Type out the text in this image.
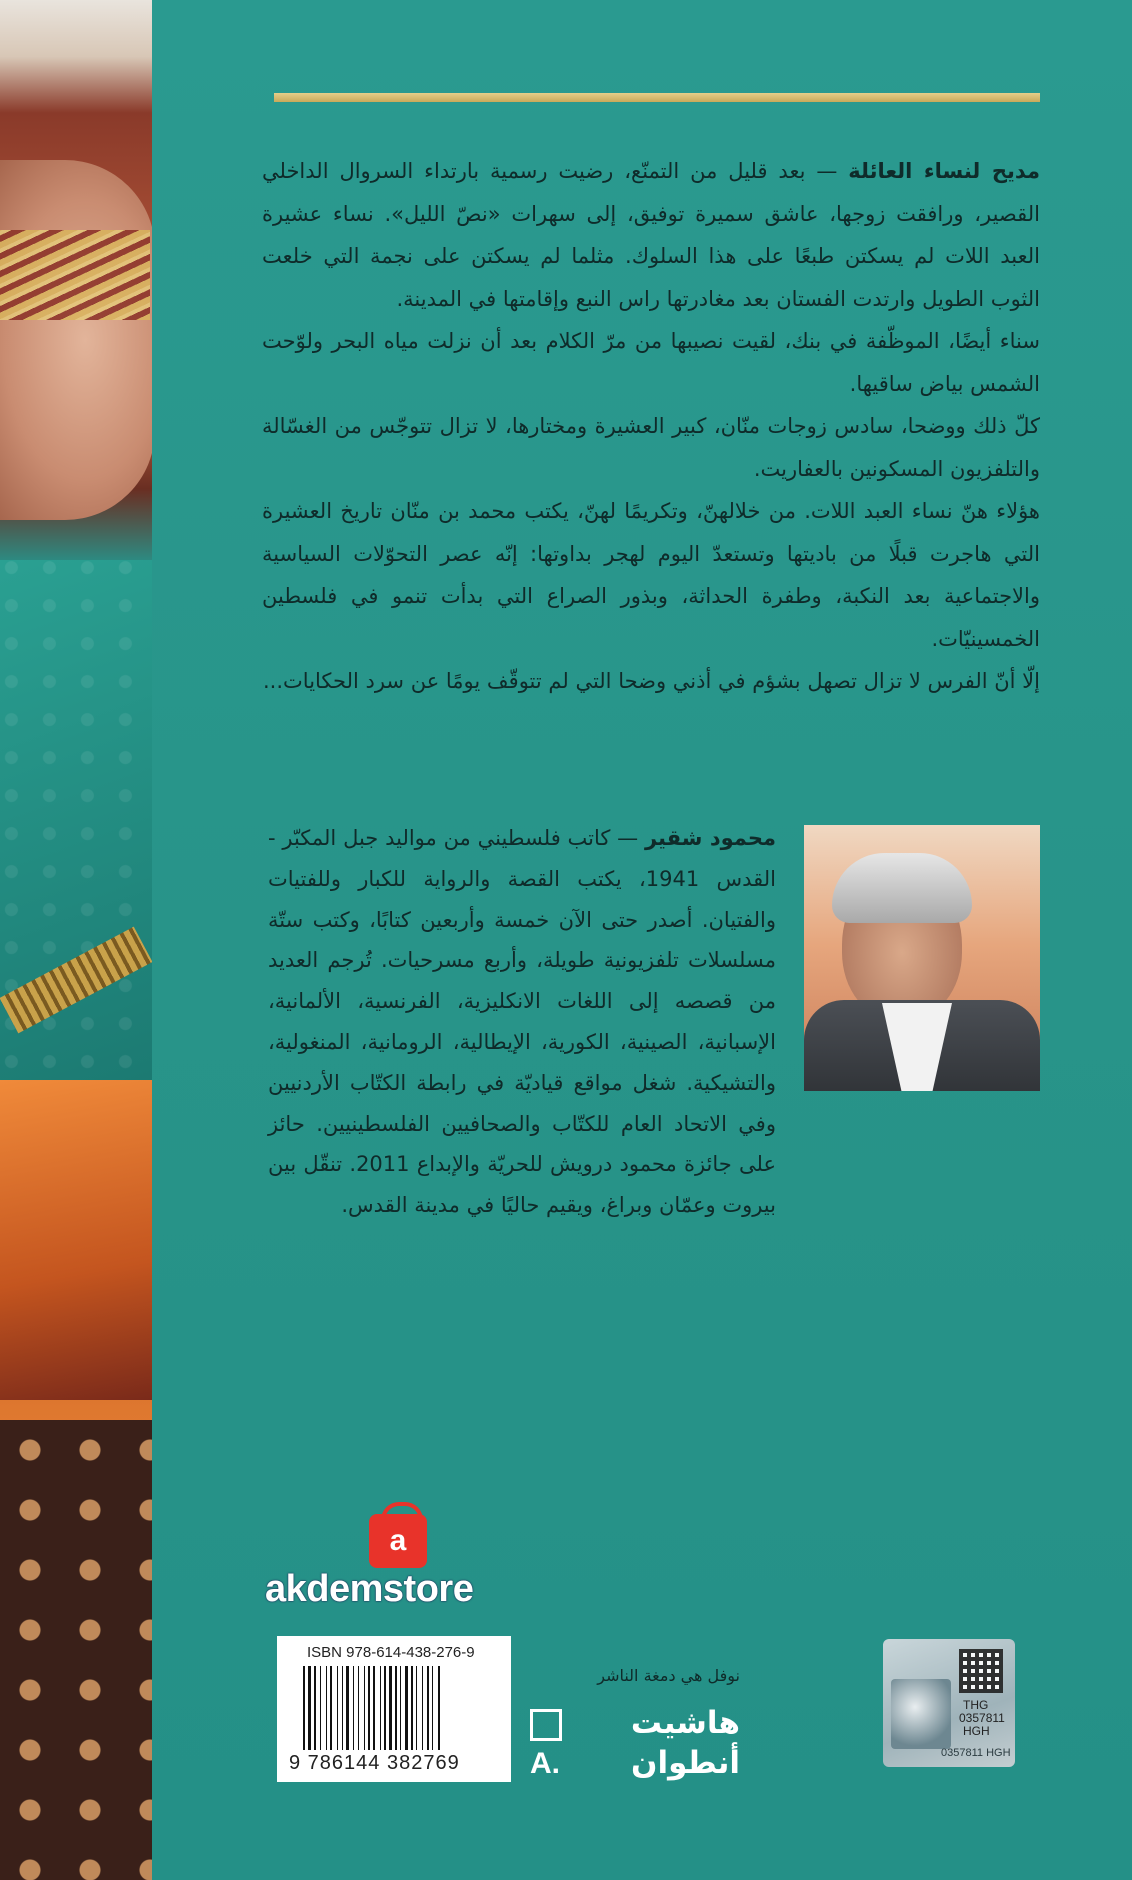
مديح لنساء العائلة — بعد قليل من التمنّع، رضيت رسمية بارتداء السروال الداخلي القصير، ورافقت زوجها، عاشق سميرة توفيق، إلى سهرات «نصّ الليل». نساء عشيرة العبد اللات لم يسكتن طبعًا على هذا السلوك. مثلما لم يسكتن على نجمة التي خلعت الثوب الطويل وارتدت الفستان بعد مغادرتها راس النبع وإقامتها في المدينة.

سناء أيضًا، الموظّفة في بنك، لقيت نصيبها من مرّ الكلام بعد أن نزلت مياه البحر ولوّحت الشمس بياض ساقيها.

كلّ ذلك ووضحا، سادس زوجات منّان، كبير العشيرة ومختارها، لا تزال تتوجّس من الغسّالة والتلفزيون المسكونين بالعفاريت.

هؤلاء هنّ نساء العبد اللات. من خلالهنّ، وتكريمًا لهنّ، يكتب محمد بن منّان تاريخ العشيرة التي هاجرت قبلًا من باديتها وتستعدّ اليوم لهجر بداوتها: إنّه عصر التحوّلات السياسية والاجتماعية بعد النكبة، وطفرة الحداثة، وبذور الصراع التي بدأت تنمو في فلسطين الخمسينيّات.

إلّا أنّ الفرس لا تزال تصهل بشؤم في أذني وضحا التي لم تتوقّف يومًا عن سرد الحكايات...

محمود شقير — كاتب فلسطيني من مواليد جبل المكبّر - القدس 1941، يكتب القصة والرواية للكبار وللفتيات والفتيان. أصدر حتى الآن خمسة وأربعين كتابًا، وكتب ستّة مسلسلات تلفزيونية طويلة، وأربع مسرحيات. تُرجم العديد من قصصه إلى اللغات الانكليزية، الفرنسية، الألمانية، الإسبانية، الصينية، الكورية، الإيطالية، الرومانية، المنغولية، والتشيكية. شغل مواقع قياديّة في رابطة الكتّاب الأردنيين وفي الاتحاد العام للكتّاب والصحافيين الفلسطينيين. حائز على جائزة محمود درويش للحريّة والإبداع 2011. تنقّل بين بيروت وعمّان وبراغ، ويقيم حاليًا في مدينة القدس.
a
akdemstore
ISBN 978-614-438-276-9
9 786144 382769
نوفل هي دمغة الناشر
هاشيت
A. أنطوان
THG
0357811
HGH
0357811 HGH
